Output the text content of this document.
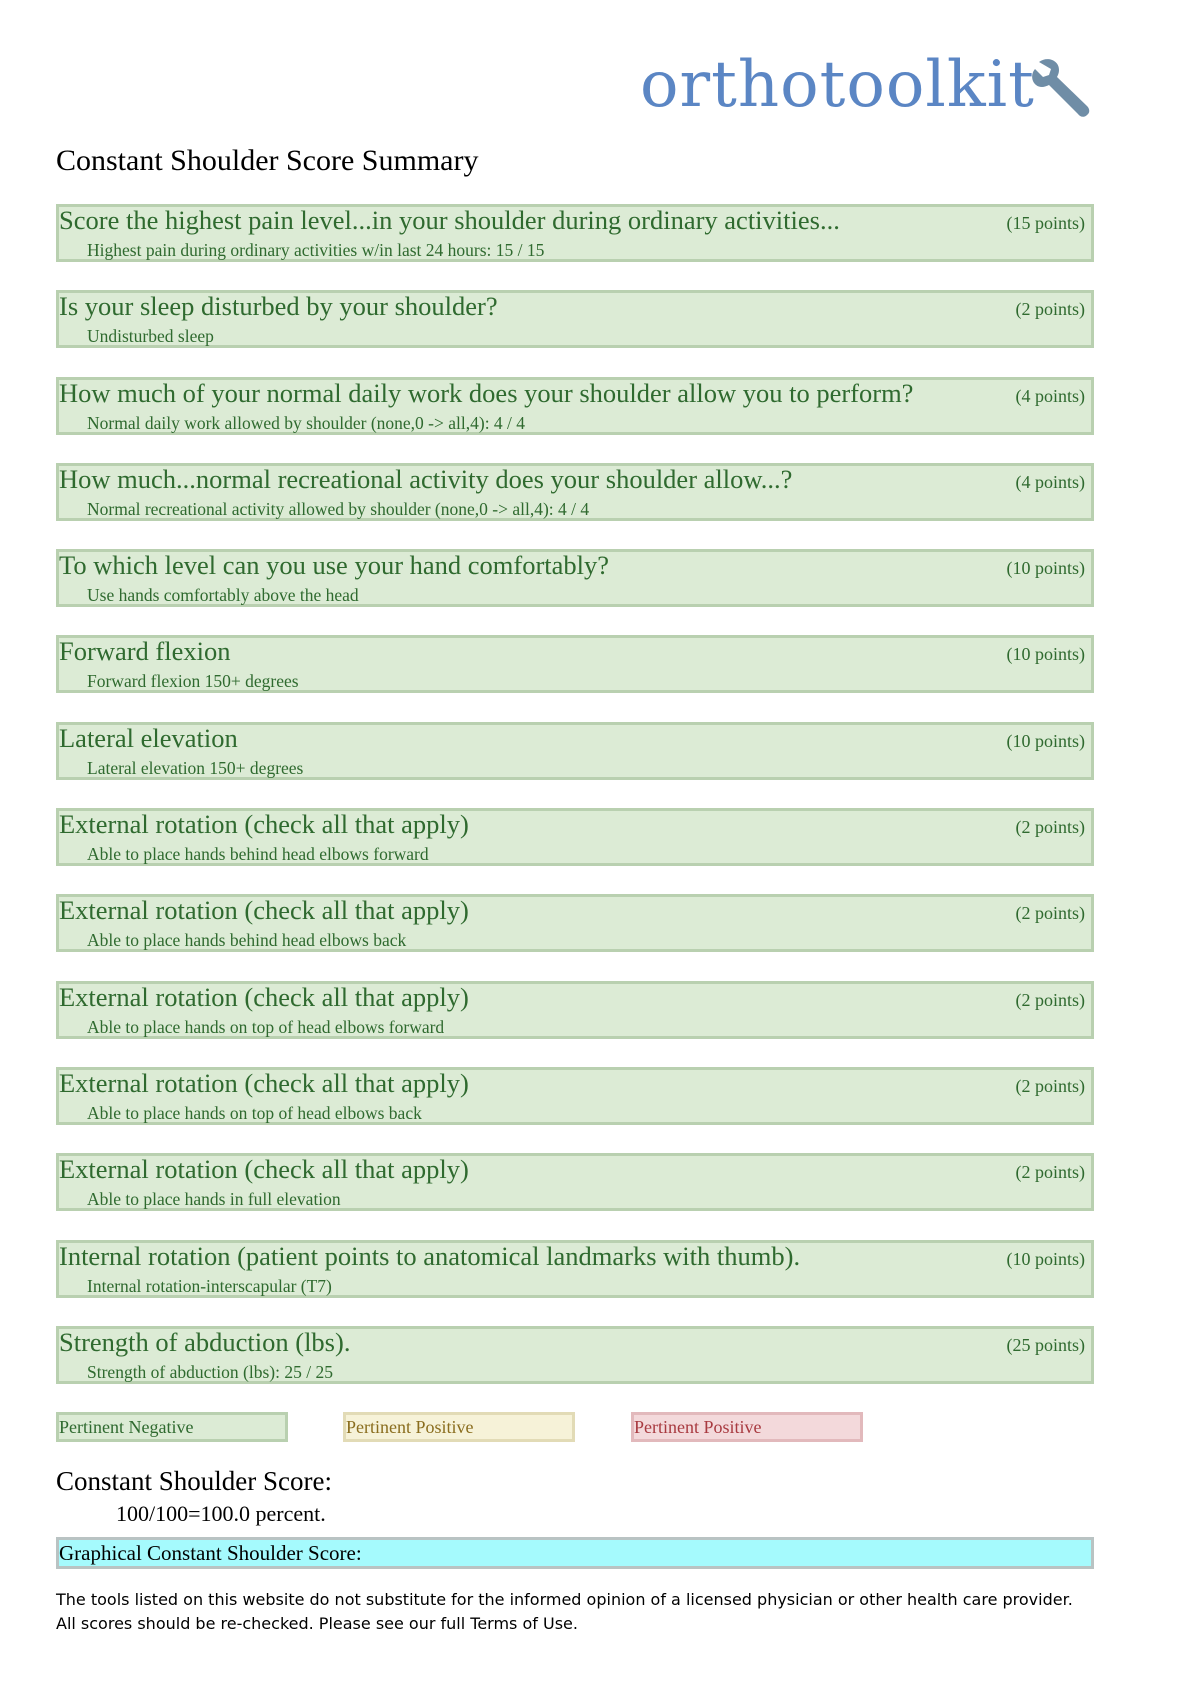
orthotoolkit
Constant Shoulder Score Summary
Score the highest pain level...in your shoulder during ordinary activities...	(15 points)
Highest pain during ordinary activities w/in last 24 hours: 15 / 15
Is your sleep disturbed by your shoulder?	(2 points)
Undisturbed sleep
How much of your normal daily work does your shoulder allow you to perform?	(4 points)
Normal daily work allowed by shoulder (none,0 -> all,4): 4 / 4
How much...normal recreational activity does your shoulder allow...?	(4 points)
Normal recreational activity allowed by shoulder (none,0 -> all,4): 4 / 4
To which level can you use your hand comfortably?	(10 points)
Use hands comfortably above the head
Forward flexion	(10 points)
Forward flexion 150+ degrees
Lateral elevation	(10 points)
Lateral elevation 150+ degrees
External rotation (check all that apply)	(2 points)
Able to place hands behind head elbows forward
External rotation (check all that apply)	(2 points)
Able to place hands behind head elbows back
External rotation (check all that apply)	(2 points)
Able to place hands on top of head elbows forward
External rotation (check all that apply)	(2 points)
Able to place hands on top of head elbows back
External rotation (check all that apply)	(2 points)
Able to place hands in full elevation
Internal rotation (patient points to anatomical landmarks with thumb).	(10 points)
Internal rotation-interscapular (T7)
Strength of abduction (lbs).	(25 points)
Strength of abduction (lbs): 25 / 25
Pertinent Negative	Pertinent Positive	Pertinent Positive
Constant Shoulder Score:
100/100=100.0 percent.
Graphical Constant Shoulder Score:
The tools listed on this website do not substitute for the informed opinion of a licensed physician or other health care provider.
All scores should be re-checked. Please see our full Terms of Use.
